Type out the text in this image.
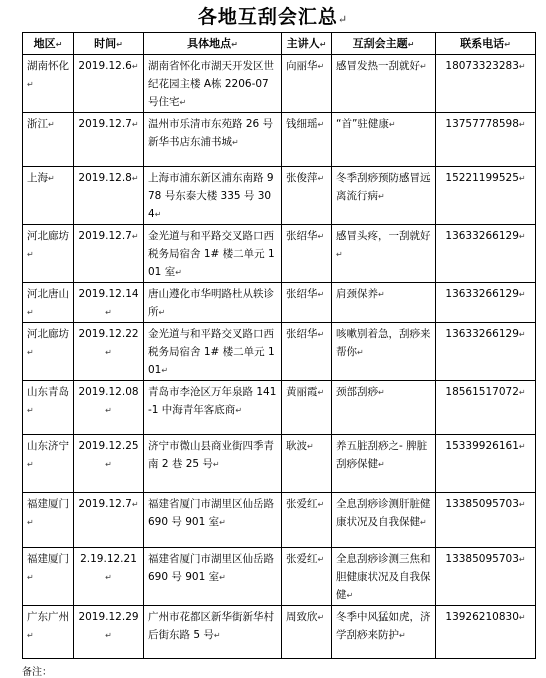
各地互刮会汇总↵
地区↵	时间↵	具体地点↵	主讲人↵	互刮会主题↵	联系电话↵
湖南怀化↵	2019.12.6↵	湖南省怀化市湖天开发区世纪花园主楼 A栋 2206-07 号住宅↵	向丽华↵	感冒发热一刮就好↵	18073323283↵
浙江↵	2019.12.7↵	温州市乐清市东苑路 26 号新华书店东浦书城↵	钱细瑶↵	“首”驻健康↵	13757778598↵
上海↵	2019.12.8↵	上海市浦东新区浦东南路 978 号东泰大楼 335 号 304↵	张俊萍↵	冬季刮痧预防感冒远离流行病↵	15221199525↵
河北廊坊↵	2019.12.7↵	金光道与和平路交叉路口西税务局宿舍 1# 楼二单元 101 室↵	张绍华↵	感冒头疼，一刮就好↵	13633266129↵
河北唐山↵	2019.12.14↵	唐山遵化市华明路杜从轶诊所↵	张绍华↵	肩颈保养↵	13633266129↵
河北廊坊↵	2019.12.22↵	金光道与和平路交叉路口西税务局宿舍 1# 楼二单元 101↵	张绍华↵	咳嗽别着急，刮痧来帮你↵	13633266129↵
山东青岛↵	2019.12.08↵	青岛市李沧区万年泉路 141-1 中海青年客底商↵	黄丽霞↵	颈部刮痧↵	18561517072↵
山东济宁↵	2019.12.25↵	济宁市微山县商业街四季青南 2 巷 25 号↵	耿波↵	养五脏刮痧之- 脾脏刮痧保健↵	15339926161↵
福建厦门↵	2019.12.7↵	福建省厦门市湖里区仙岳路 690 号 901 室↵	张爱红↵	全息刮痧诊测肝脏健康状况及自我保健↵	13385095703↵
福建厦门↵	2.19.12.21↵	福建省厦门市湖里区仙岳路 690 号 901 室↵	张爱红↵	全息刮痧诊测三焦和胆健康状况及自我保健↵	13385095703↵
广东广州↵	2019.12.29↵	广州市花都区新华街新华村后街东路 5 号↵	周致欣↵	冬季中风猛如虎，济学刮痧来防护↵	13926210830↵
备注：
